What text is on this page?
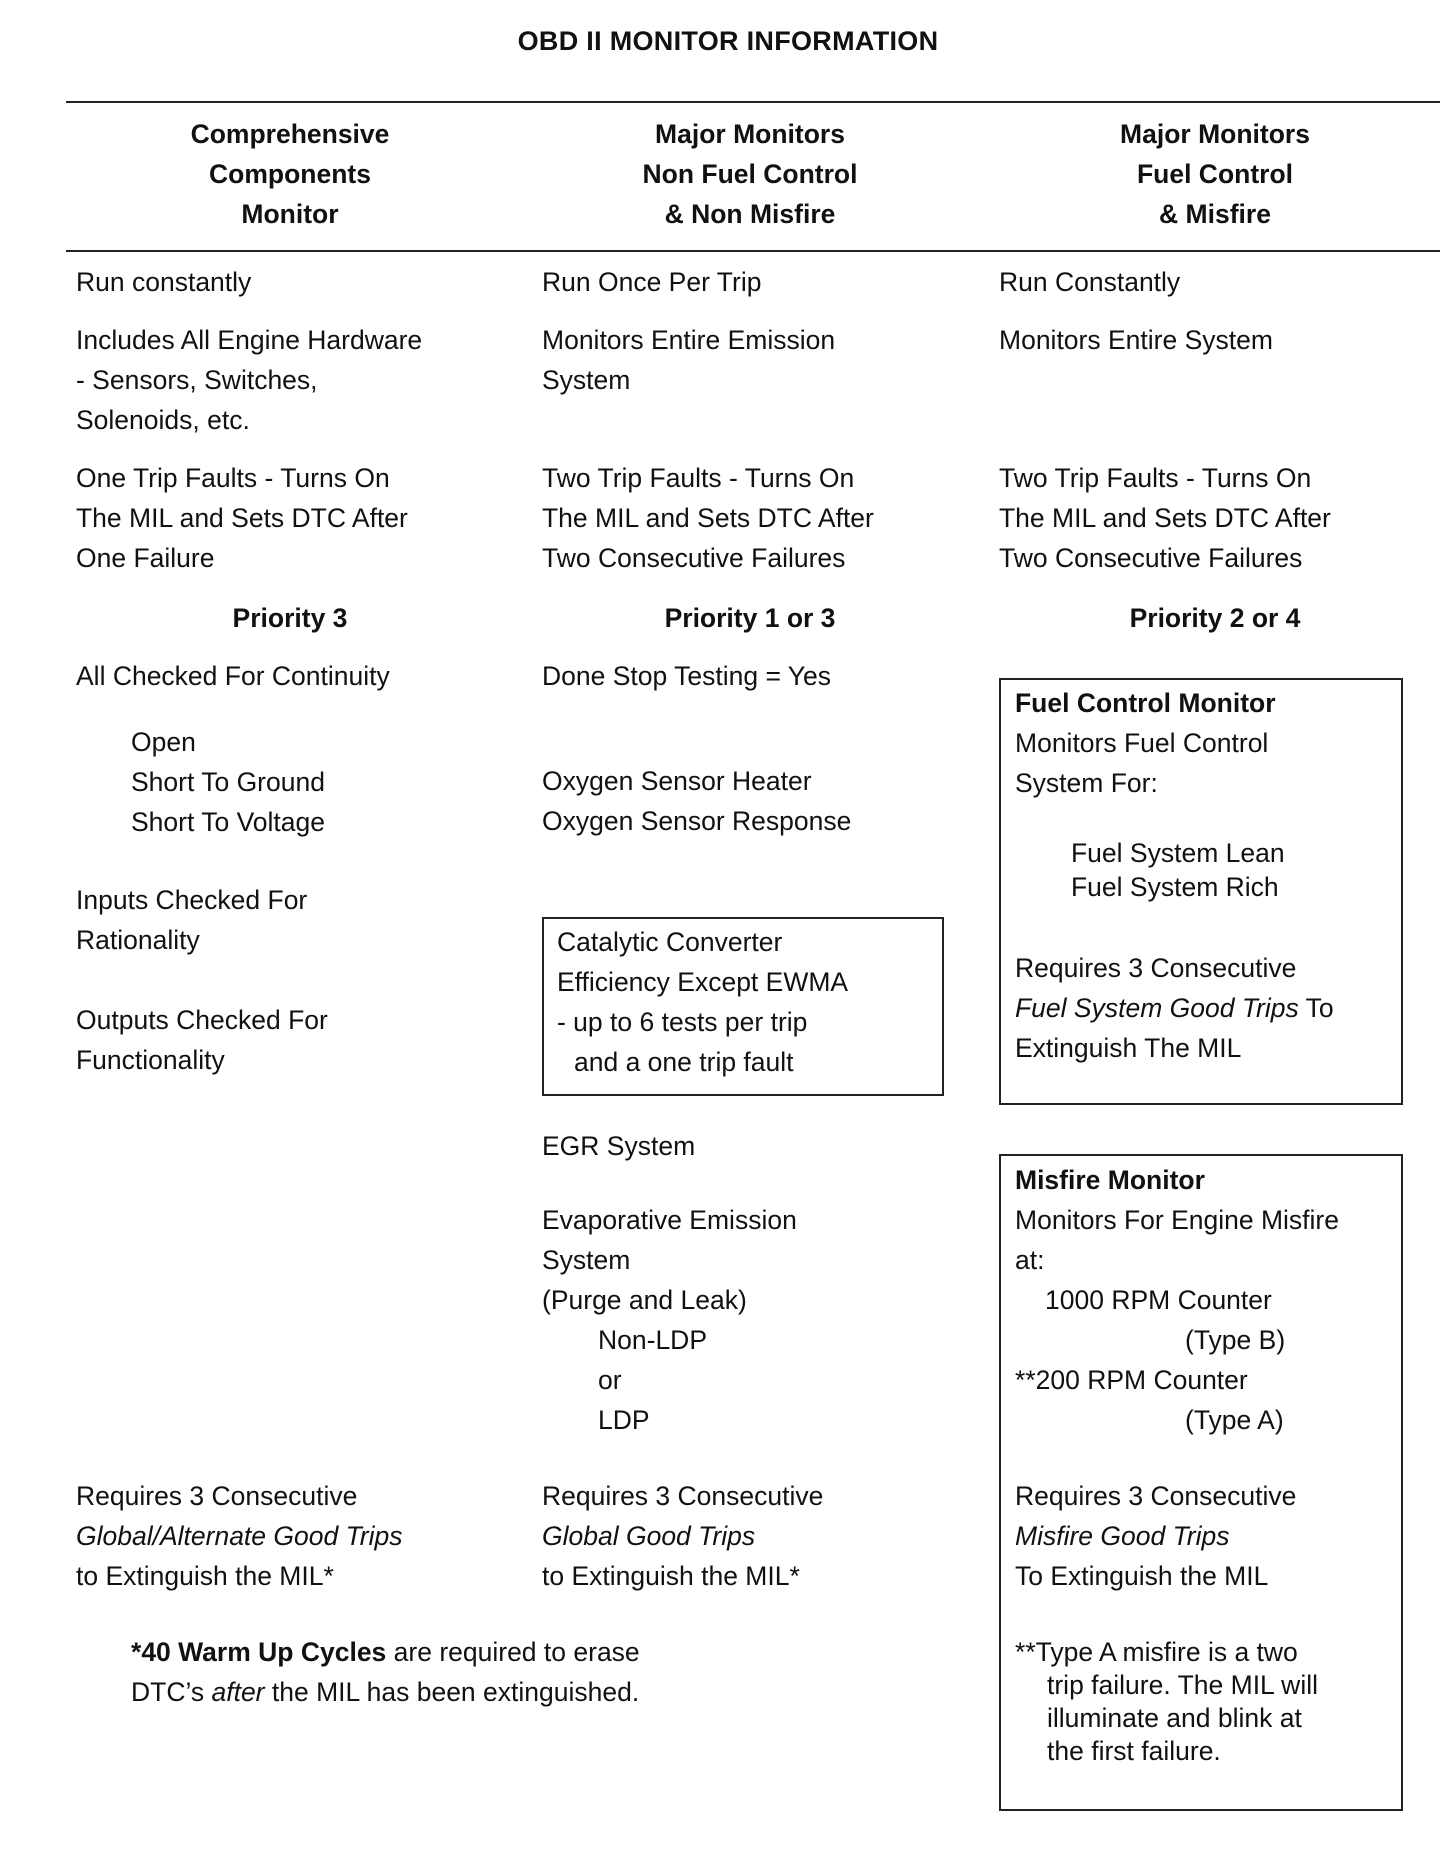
OBD II MONITOR INFORMATION
Comprehensive
Components
Monitor
Major Monitors
Non Fuel Control
& Non Misfire
Major Monitors
Fuel Control
& Misfire
Run constantly
Includes All Engine Hardware
- Sensors, Switches,
Solenoids, etc.
One Trip Faults - Turns On
The MIL and Sets DTC After
One Failure
Priority 3
All Checked For Continuity
Open
Short To Ground
Short To Voltage
Inputs Checked For
Rationality
Outputs Checked For
Functionality
Requires 3 Consecutive
Global/Alternate Good Trips
to Extinguish the MIL*
*40 Warm Up Cycles are required to erase
DTC’s after the MIL has been extinguished.
Run Once Per Trip
Monitors Entire Emission
System
Two Trip Faults - Turns On
The MIL and Sets DTC After
Two Consecutive Failures
Priority 1 or 3
Done Stop Testing = Yes
Oxygen Sensor Heater
Oxygen Sensor Response
Catalytic Converter
Efficiency Except EWMA
- up to 6 tests per trip
and a one trip fault
EGR System
Evaporative Emission
System
(Purge and Leak)
Non-LDP
or
LDP
Requires 3 Consecutive
Global Good Trips
to Extinguish the MIL*
Run Constantly
Monitors Entire System
Two Trip Faults - Turns On
The MIL and Sets DTC After
Two Consecutive Failures
Priority 2 or 4
Fuel Control Monitor
Monitors Fuel Control
System For:
Fuel System Lean
Fuel System Rich
Requires 3 Consecutive
Fuel System Good Trips To
Extinguish The MIL
Misfire Monitor
Monitors For Engine Misfire
at:
1000 RPM Counter
(Type B)
**200 RPM Counter
(Type A)
Requires 3 Consecutive
Misfire Good Trips
To Extinguish the MIL
**Type A misfire is a two
trip failure. The MIL will
illuminate and blink at
the first failure.
